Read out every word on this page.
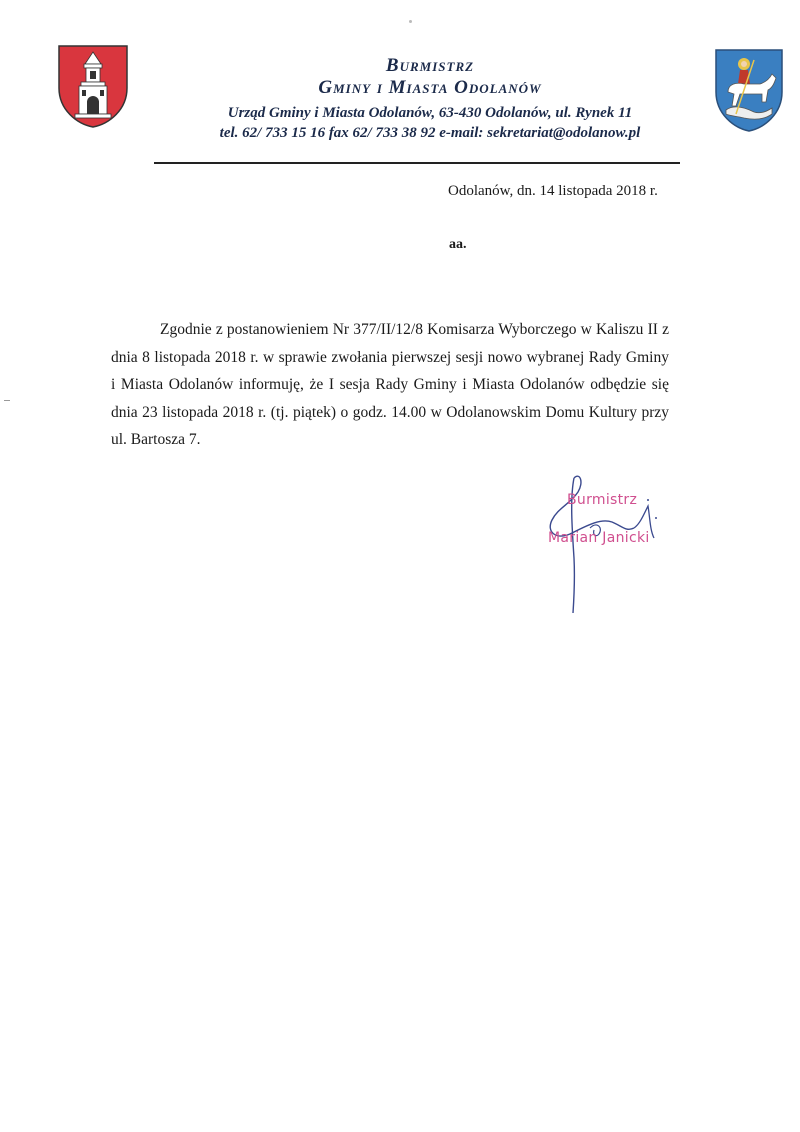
Burmistrz
Gminy i Miasta Odolanów
Urząd Gminy i Miasta Odolanów, 63-430 Odolanów, ul. Rynek 11
tel. 62/ 733 15 16 fax 62/ 733 38 92 e-mail: sekretariat@odolanow.pl
Odolanów, dn. 14 listopada 2018 r.
aa.
Zgodnie z postanowieniem Nr 377/II/12/8 Komisarza Wyborczego w Kaliszu II z dnia 8 listopada 2018 r. w sprawie zwołania pierwszej sesji nowo wybranej Rady Gminy i Miasta Odolanów informuję, że I sesja Rady Gminy i Miasta Odolanów odbędzie się dnia 23 listopada 2018 r. (tj. piątek) o godz. 14.00 w Odolanowskim Domu Kultury przy ul. Bartosza 7.
Burmistrz
Marian Janicki
